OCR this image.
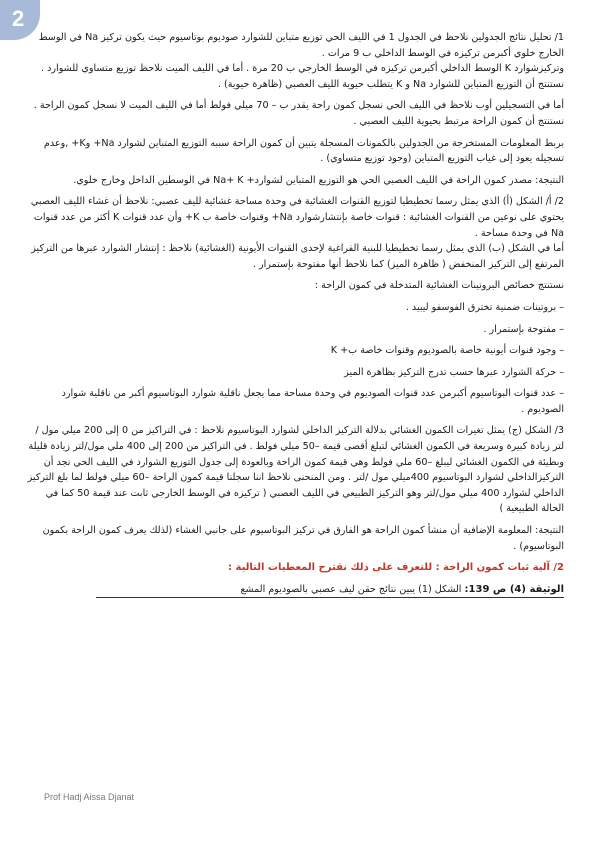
2

1/ تحليل نتائج الجدولين نلاحظ في الجدول 1 في الليف الحي توزيع متباين للشوارد صوديوم بوتاسيوم حيث يكون تركيز Na في الوسط الخارج خلوي أكبرمن تركيزه في الوسط الداخلي ب 9 مرات .

وتركيزشوارد K الوسط الداخلي أكبرمن تركيزه في الوسط الخارجي ب 20 مرة . أما في الليف الميت نلاحظ توزيع متساوي للشوارد . نستنتج أن التوزيع المتباين للشوارد Na و K يتطلب حيوية الليف العصبي (ظاهرة حيوية) .

أما في التسجيلين أوب نلاحظ في الليف الحي نسجل كمون راحة يقدر ب – 70 ميلي فولط أما في الليف الميت لا نسجل كمون الراحة . نستنتج أن كمون الراحة مرتبط بحيوية الليف العصبي .

بربط المعلومات المستخرجة من الجدولين بالكمونات المسجلة يتبين أن كمون الراحة سببه التوزيع المتباين لشوارد Na+ وK+ ,وعدم تسجيله يعود إلى غياب التوزيع المتباين (وجود توزيع متساوي) .

النتيجة: مصدر كمون الراحة في الليف العصبي الحي هو التوزيع المتباين لشوارد+ Na+ K في الوسطين الداخل وخارج خلوي.

2/ أ/ الشكل (أ) الذي يمثل رسما تخطيطيا لتوزيع القنوات الغشائية في وحدة مساحة غشائية لليف عصبي: نلاحظ أن غشاء الليف العصبي يحتوي على نوعين من القنوات الغشائية : قنوات خاصة بإنتشارشوارد Na+ وقنوات خاصة ب K+ وأن عدد قنوات K أكثر من عدد قنوات Na في وحدة مساحة .

أما في الشكل (ب) الذي يمثل رسما تخطيطيا للبنية الفراغية لإحدى القنوات الأيونية (الغشائية) نلاحظ : إنتشار الشوارد عبرها من التركيز المرتفع إلى التركيز المنخفض ( ظاهرة الميز) كما نلاحظ أنها مفتوحة بإستمرار .

نستنتج خصائص البروتينات الغشائية المتدخلة في كمون الراحة :

– بروتينات ضمنية تخترق الفوسفو ليبيد .

– مفتوحة بإستمرار .

– وجود قنوات أيونية خاصة بالصوديوم وقنوات خاصة ب+ K

– حركة الشوارد عبرها حسب تدرج التركيز بظاهرة الميز

– عدد قنوات البوتاسيوم أكبرمن عدد قنوات الصوديوم في وحدة مساحة مما يجعل ناقلية شوارد البوتاسيوم أكبر من ناقلية شوارد الصوديوم .

3/ الشكل (ج) يمثل تغيرات الكمون الغشائي بدلالة التركيز الداخلي لشوارد البوتاسيوم نلاحظ : في التراكيز من 0 إلى 200 ميلي مول / لتر زيادة كبيرة وسريعة في الكمون الغشائي لتبلغ أقصى قيمة –50 ميلي فولط . في التراكيز من 200 إلى 400 ملي مول/لتر زيادة قليلة وبطيئة في الكمون الغشائي ليبلغ –60 ملي فولط وهي قيمة كمون الراحة وبالعودة إلى جدول التوزيع الشوارد في الليف الحي نجد أن التركيزالداخلي لشوارد البوتاسيوم 400ميلي مول /لتر . ومن المنحنى نلاحظ اننا سجلنا قيمة كمون الراحة –60 ميلي فولط لما بلغ التركيز الداخلي لشوارد 400 ميلي مول/لتر وهو التركيز الطبيعي في الليف العصبي ( تركيزه في الوسط الخارجي ثابت عند قيمة 50 كما في الحالة الطبيعية )

النتيجة: المعلومة الإضافية أن منشأ كمون الراحة هو الفارق في تركيز البوتاسيوم على جانبي الغشاء (لذلك يعرف كمون الراحة بكمون البوتاسيوم) .

2/ آلية ثبات كمون الراحة : للتعرف على ذلك نقترح المعطيات التالية :

الوثيقة (4) ص 139: الشكل (1) يبين نتائج حقن ليف عصبي بالصوديوم المشع

Prof Hadj Aissa Djanat
